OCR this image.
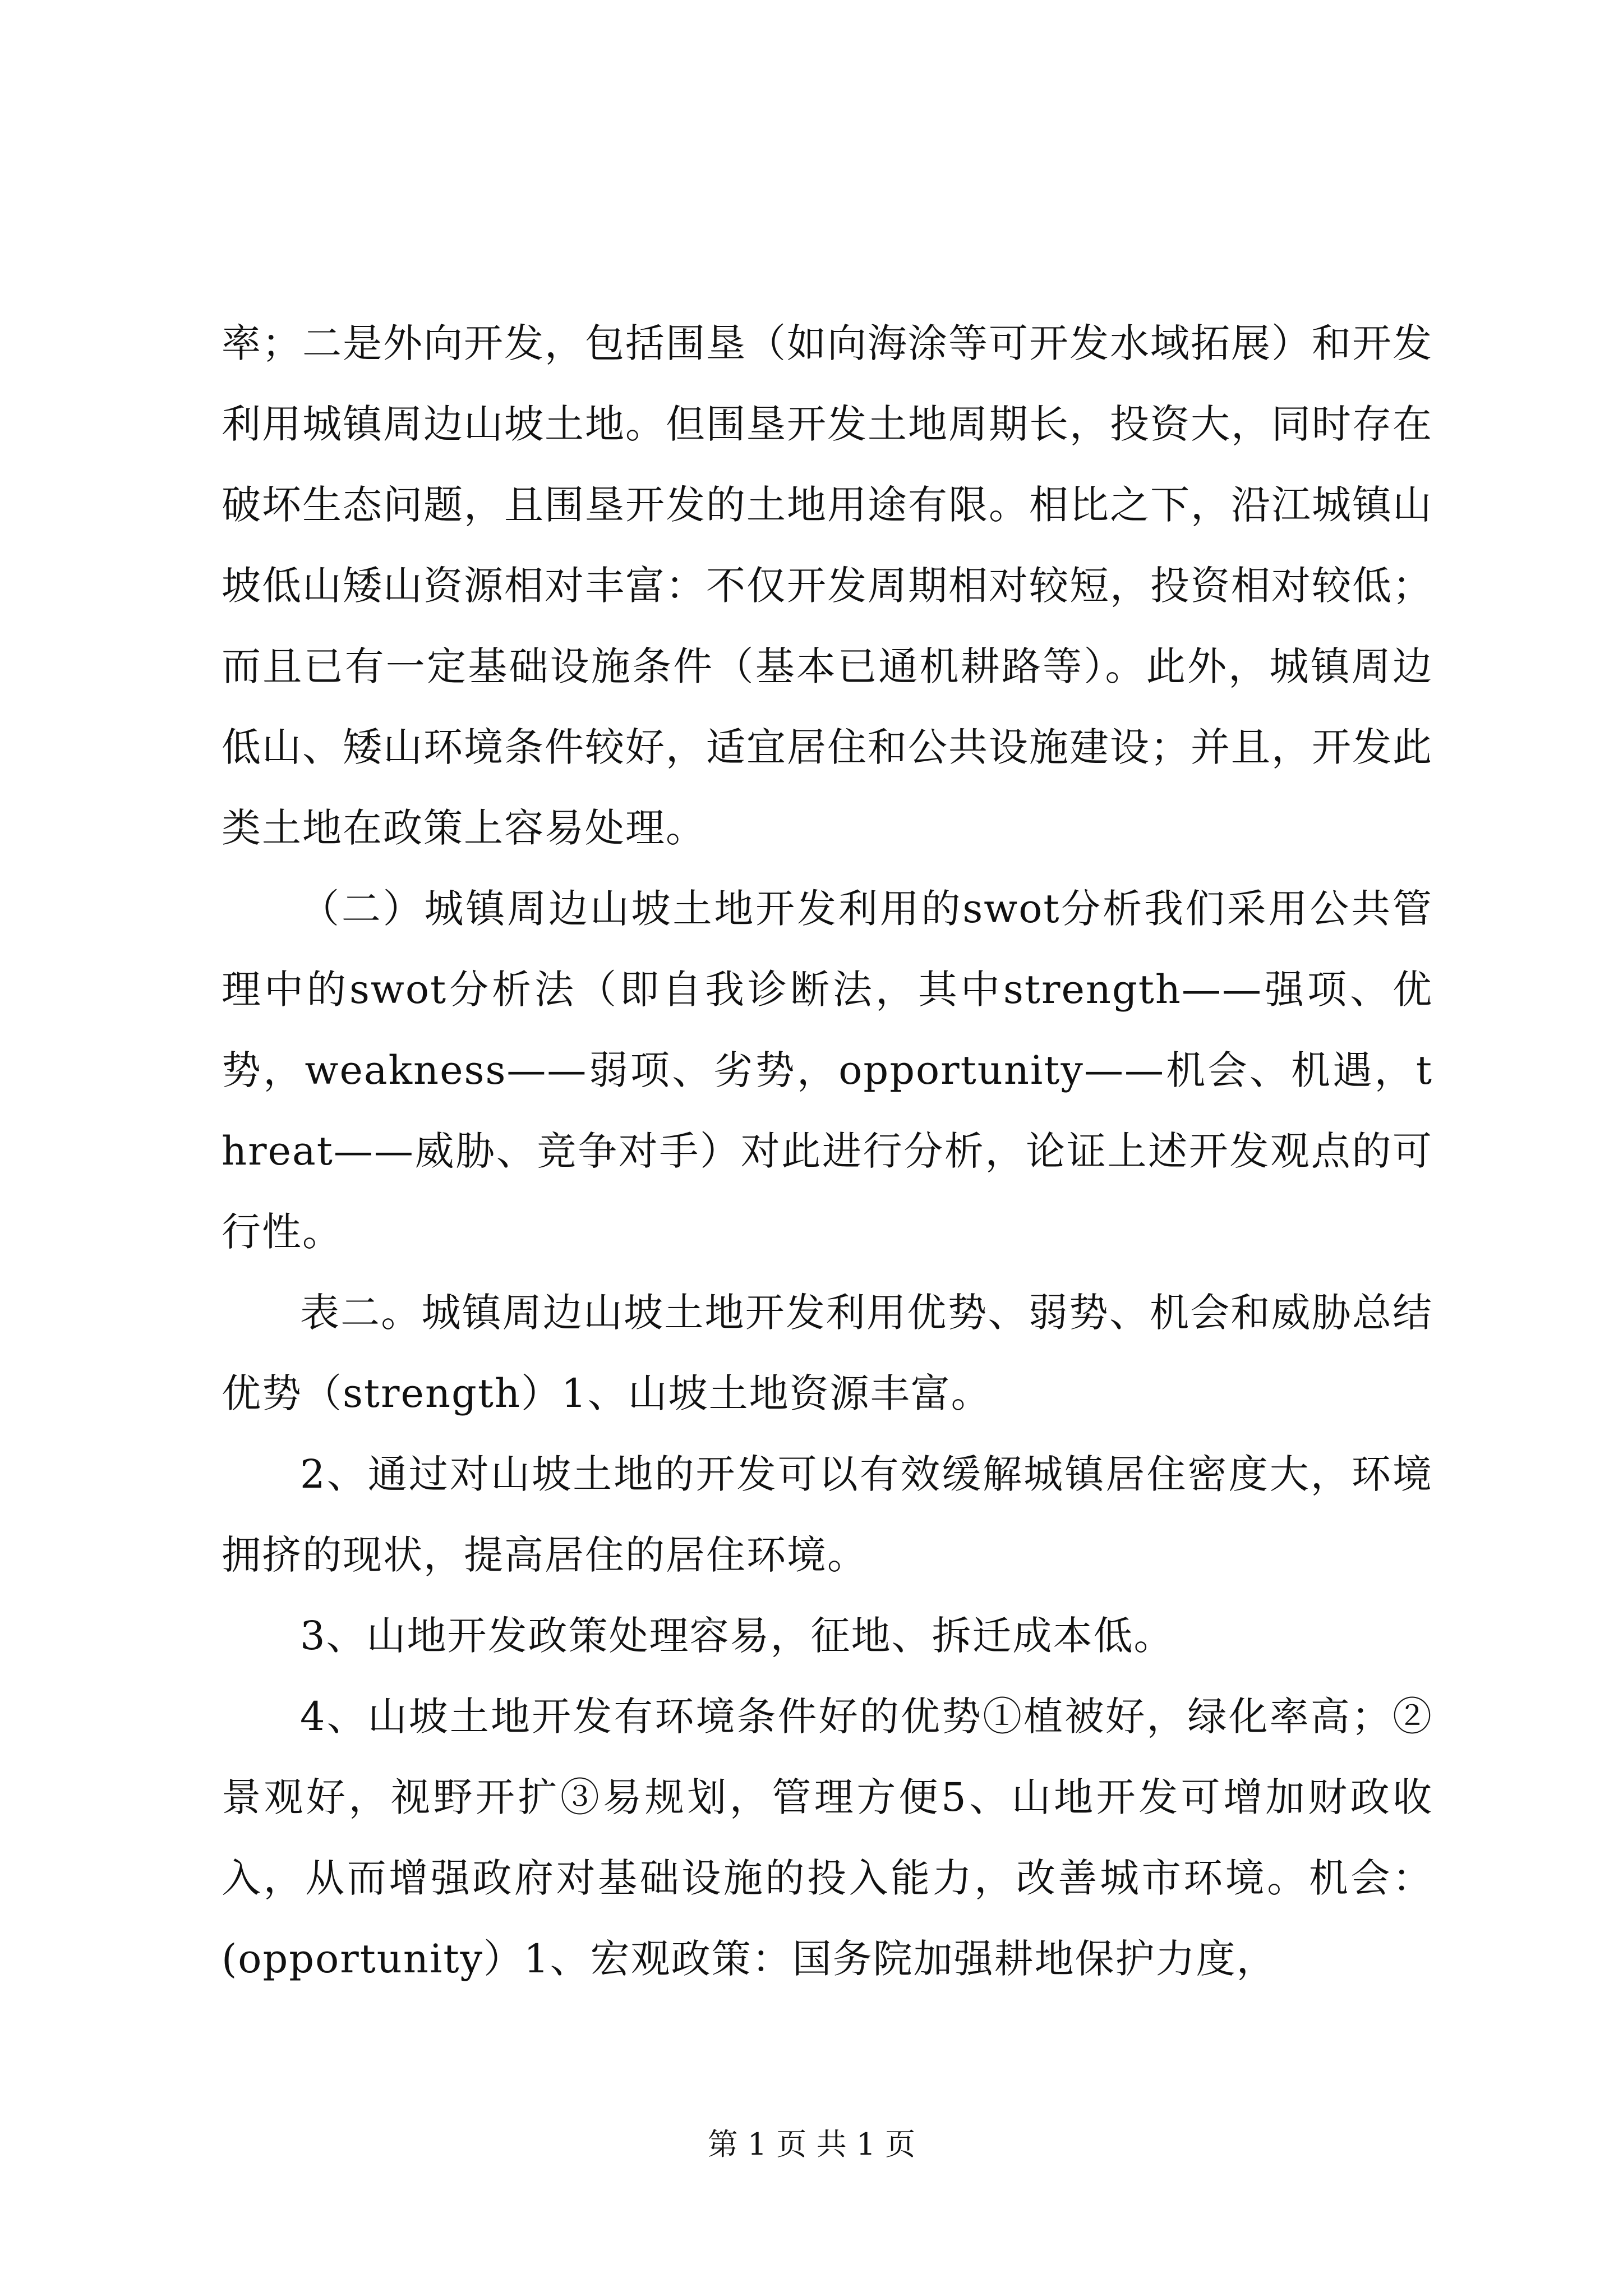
率；二是外向开发，包括围垦（如向海涂等可开发水域拓展）和开发利用城镇周边山坡土地。但围垦开发土地周期长，投资大，同时存在破坏生态问题，且围垦开发的土地用途有限。相比之下，沿江城镇山坡低山矮山资源相对丰富：不仅开发周期相对较短，投资相对较低；而且已有一定基础设施条件（基本已通机耕路等）。此外，城镇周边低山、矮山环境条件较好，适宜居住和公共设施建设；并且，开发此类土地在政策上容易处理。

（二）城镇周边山坡土地开发利用的swot分析我们采用公共管理中的swot分析法（即自我诊断法，其中strength——强项、优势，weakness——弱项、劣势，opportunity——机会、机遇，threat——威胁、竞争对手）对此进行分析，论证上述开发观点的可行性。

表二。城镇周边山坡土地开发利用优势、弱势、机会和威胁总结优势（strength）1、山坡土地资源丰富。

2、通过对山坡土地的开发可以有效缓解城镇居住密度大，环境拥挤的现状，提高居住的居住环境。

3、山地开发政策处理容易，征地、拆迁成本低。

4、山坡土地开发有环境条件好的优势①植被好，绿化率高；②景观好，视野开扩③易规划，管理方便5、山地开发可增加财政收入，从而增强政府对基础设施的投入能力，改善城市环境。机会：(opportunity）1、宏观政策：国务院加强耕地保护力度，

第 1 页 共 1 页
